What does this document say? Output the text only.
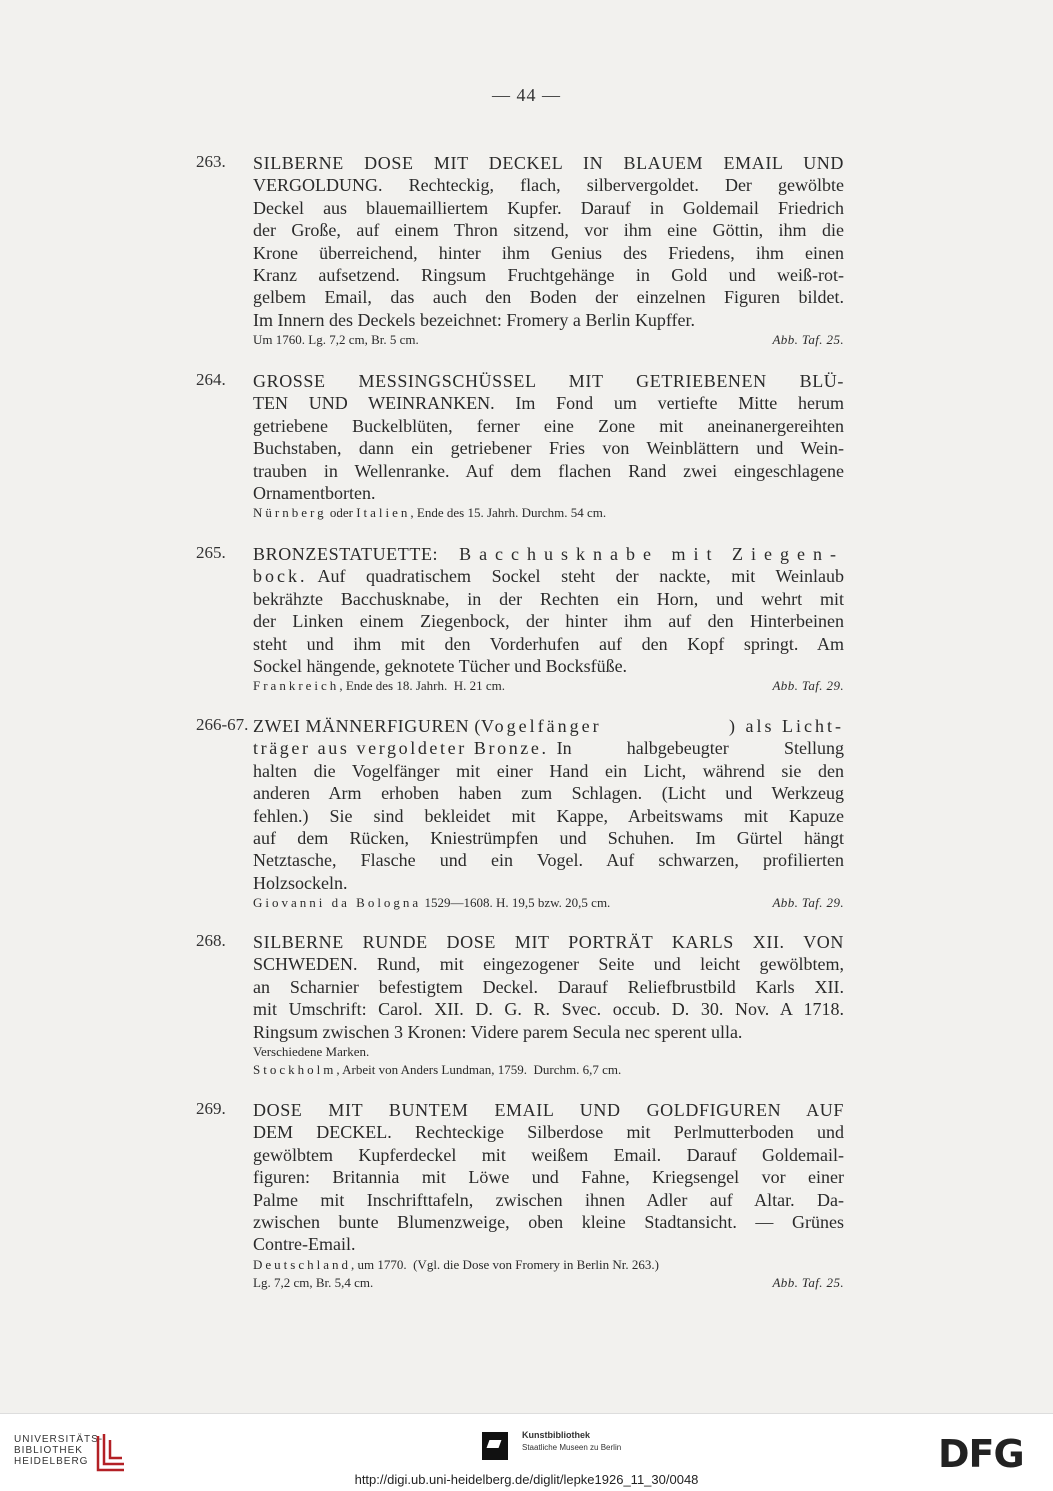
— 44 —
263. SILBERNE DOSE MIT DECKEL IN BLAUEM EMAIL UND
VERGOLDUNG. Rechteckig, flach, silbervergoldet. Der gewölbte
Deckel aus blauemailliertem Kupfer. Darauf in Goldemail Friedrich
der Große, auf einem Thron sitzend, vor ihm eine Göttin, ihm die
Krone überreichend, hinter ihm Genius des Friedens, ihm einen
Kranz aufsetzend. Ringsum Fruchtgehänge in Gold und weiß-rot-
gelbem Email, das auch den Boden der einzelnen Figuren bildet.
Im Innern des Deckels bezeichnet: Fromery a Berlin Kupffer.
Um 1760. Lg. 7,2 cm, Br. 5 cm.	Abb. Taf. 25.
264. GROSSE MESSINGSCHÜSSEL MIT GETRIEBENEN BLÜ-
TEN UND WEINRANKEN. Im Fond um vertiefte Mitte herum
getriebene Buckelblüten, ferner eine Zone mit aneinanergereihten
Buchstaben, dann ein getriebener Fries von Weinblättern und Wein-
trauben in Wellenranke. Auf dem flachen Rand zwei eingeschlagene
Ornamentborten.
Nürnberg oder Italien , Ende des 15. Jahrh. Durchm. 54 cm.
265. BRONZESTATUETTE: Bacchusknabe mit Ziegen-
bock. Auf quadratischem Sockel steht der nackte, mit Weinlaub
bekrähzte Bacchusknabe, in der Rechten ein Horn, und wehrt mit
der Linken einem Ziegenbock, der hinter ihm auf den Hinterbeinen
steht und ihm mit den Vorderhufen auf den Kopf springt. Am
Sockel hängende, geknotete Tücher und Bocksfüße.
Frankreich, Ende des 18. Jahrh.  H. 21 cm.	Abb. Taf. 29.
266-67. ZWEI MÄNNERFIGUREN (Vogelfänger	) als Licht-
träger aus vergoldeter Bronze. In halbgebeugter Stellung
halten die Vogelfänger mit einer Hand ein Licht, während sie den
anderen Arm erhoben haben zum Schlagen. (Licht und Werkzeug
fehlen.) Sie sind bekleidet mit Kappe, Arbeitswams mit Kapuze
auf dem Rücken, Kniestrümpfen und Schuhen. Im Gürtel hängt
Netztasche, Flasche und ein Vogel. Auf schwarzen, profilierten
Holzsockeln.
Giovanni da Bologna 1529—1608. H. 19,5 bzw. 20,5 cm.	Abb. Taf. 29.
268. SILBERNE RUNDE DOSE MIT PORTRÄT KARLS XII. VON
SCHWEDEN. Rund, mit eingezogener Seite und leicht gewölbtem,
an Scharnier befestigtem Deckel. Darauf Reliefbrustbild Karls XII.
mit Umschrift: Carol. XII. D. G. R. Svec. occub. D. 30. Nov. A 1718.
Ringsum zwischen 3 Kronen: Videre parem Secula nec sperent ulla.
Verschiedene Marken.
Stockholm , Arbeit von Anders Lundman, 1759.  Durchm. 6,7 cm.
269. DOSE MIT BUNTEM EMAIL UND GOLDFIGUREN AUF
DEM DECKEL. Rechteckige Silberdose mit Perlmutterboden und
gewölbtem Kupferdeckel mit weißem Email. Darauf Goldemail-
figuren: Britannia mit Löwe und Fahne, Kriegsengel vor einer
Palme mit Inschrifttafeln, zwischen ihnen Adler auf Altar. Da-
zwischen bunte Blumenzweige, oben kleine Stadtansicht. — Grünes
Contre-Email.
Deutschland, um 1770.  (Vgl. die Dose von Fromery in Berlin Nr. 263.)
Lg. 7,2 cm, Br. 5,4 cm.	Abb. Taf. 25.
UNIVERSITÄTS-
BIBLIOTHEK
HEIDELBERG
Kunstbibliothek
Staatliche Museen zu Berlin	DFG
http://digi.ub.uni-heidelberg.de/diglit/lepke1926_11_30/0048
